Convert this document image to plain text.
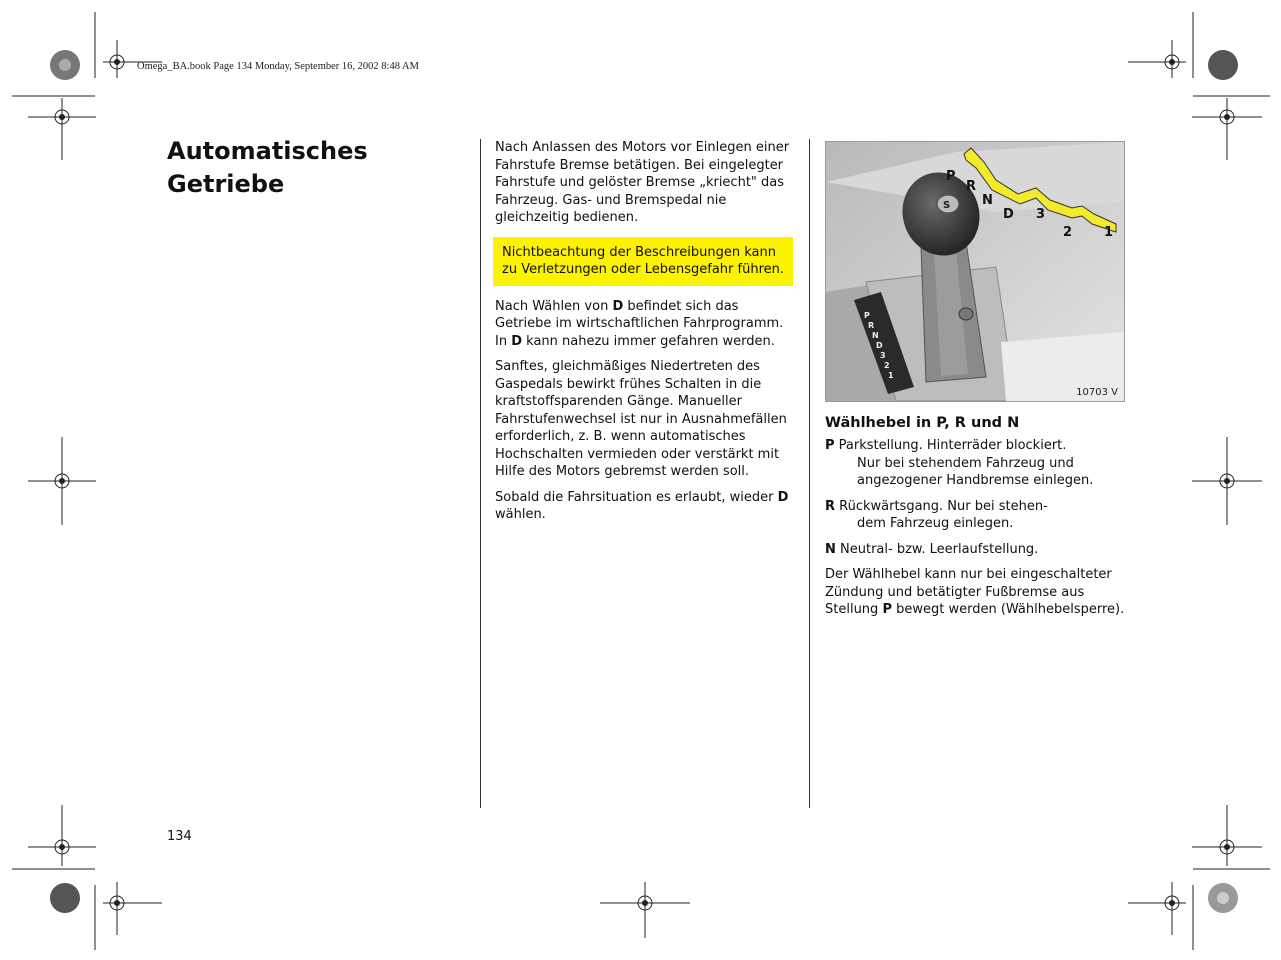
Omega_BA.book Page 134 Monday, September 16, 2002 8:48 AM
Automatisches
Getriebe

Nach Anlassen des Motors vor Einlegen einer Fahrstufe Bremse betätigen. Bei eingelegter Fahrstufe und gelöster Bremse „kriecht" das Fahrzeug. Gas- und Bremspedal nie gleichzeitig bedienen.

Nichtbeachtung der Beschreibungen kann zu Verletzungen oder Lebensgefahr führen.

Nach Wählen von D befindet sich das Getriebe im wirtschaftlichen Fahrprogramm. In D kann nahezu immer gefahren werden.

Sanftes, gleichmäßiges Niedertreten des Gaspedals bewirkt frühes Schalten in die kraftstoffsparenden Gänge. Manueller Fahrstufenwechsel ist nur in Ausnahmefällen erforderlich, z. B. wenn automatisches Hochschalten vermieden oder verstärkt mit Hilfe des Motors gebremst werden soll.

Sobald die Fahrsituation es erlaubt, wieder D wählen.

P
R
N
D
3
2
1
S
P
R
N
D 3
2 1
10703 V
Wählhebel in P, R und N
P Parkstellung. Hinterräder blockiert.
Nur bei stehendem Fahrzeug und angezogener Handbremse einlegen.
R Rückwärtsgang. Nur bei stehen-
dem Fahrzeug einlegen.
N Neutral- bzw. Leerlaufstellung.

Der Wählhebel kann nur bei eingeschalteter Zündung und betätigter Fußbremse aus Stellung P bewegt werden (Wählhebelsperre).

134
